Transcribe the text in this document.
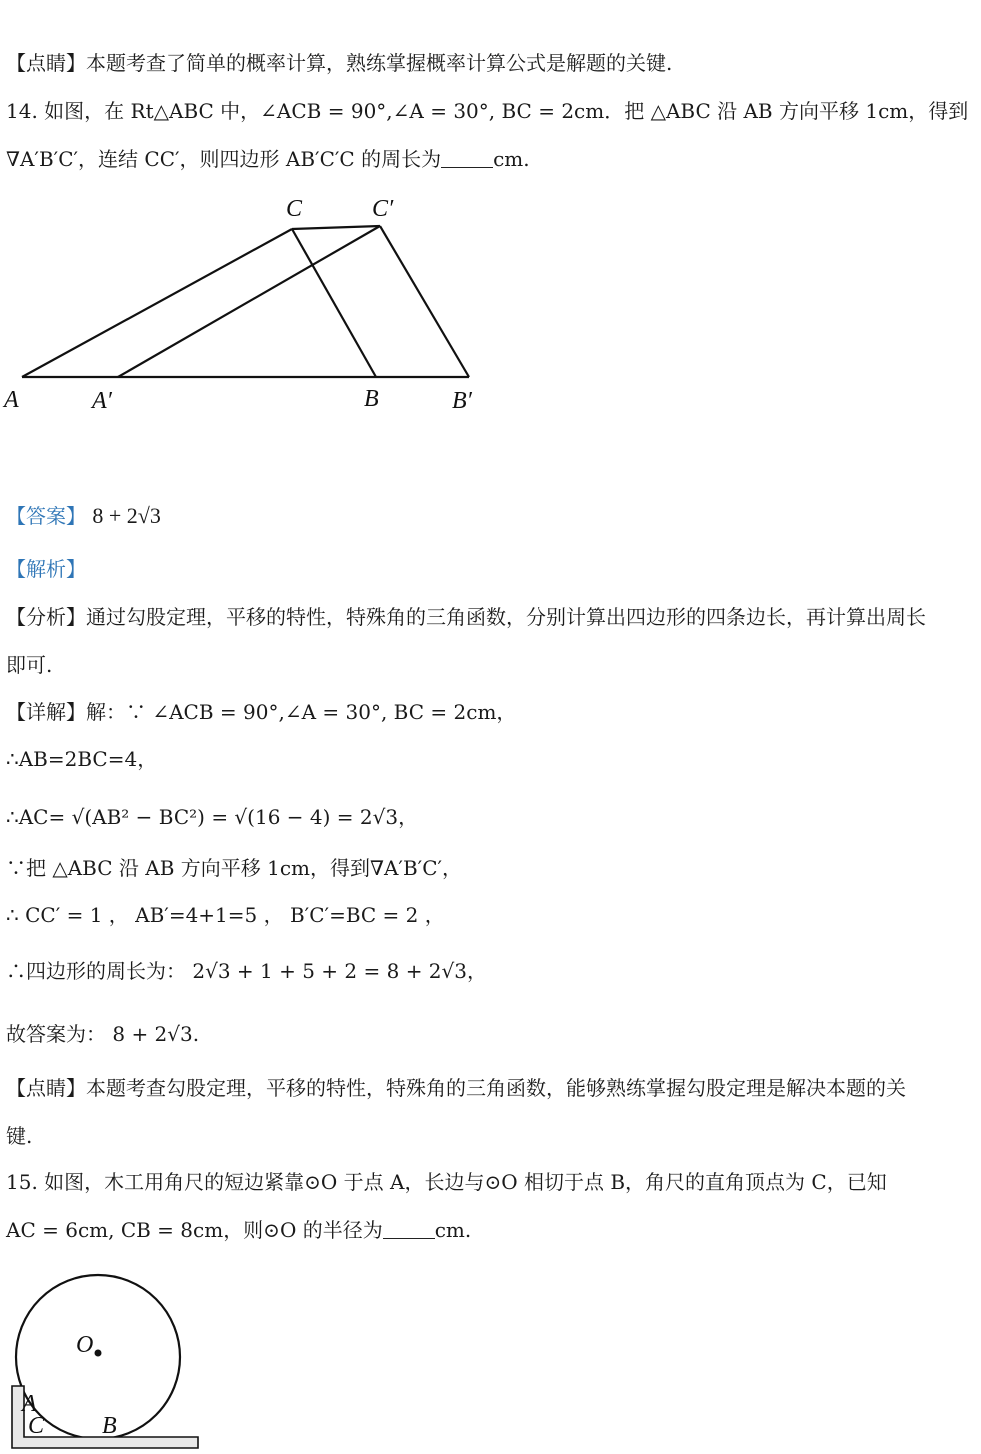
【点睛】本题考查了简单的概率计算，熟练掌握概率计算公式是解题的关键.
14. 如图，在 Rt△ABC 中，∠ACB = 90°,∠A = 30°, BC = 2cm．把 △ABC 沿 AB 方向平移 1cm，得到
∇A′B′C′，连结 CC′，则四边形 AB′C′C 的周长为	cm.
C	C′
A	A′	B	B′
【答案】 8 + 2√3
【解析】
【分析】通过勾股定理，平移的特性，特殊角的三角函数，分别计算出四边形的四条边长，再计算出周长
即可.
【详解】解：∵ ∠ACB = 90°,∠A = 30°, BC = 2cm，
∴AB=2BC=4，
∴AC= √(AB² − BC²) = √(16 − 4) = 2√3，
∵把 △ABC 沿 AB 方向平移 1cm，得到∇A′B′C′，
∴ CC′ = 1 ， AB′=4+1=5 ， B′C′=BC = 2 ，
∴四边形的周长为： 2√3 + 1 + 5 + 2 = 8 + 2√3，
故答案为： 8 + 2√3.
【点睛】本题考查勾股定理，平移的特性，特殊角的三角函数，能够熟练掌握勾股定理是解决本题的关
键.
15. 如图，木工用角尺的短边紧靠⊙O 于点 A，长边与⊙O 相切于点 B，角尺的直角顶点为 C，已知
AC = 6cm, CB = 8cm，则⊙O 的半径为	cm.
O
A
C B
